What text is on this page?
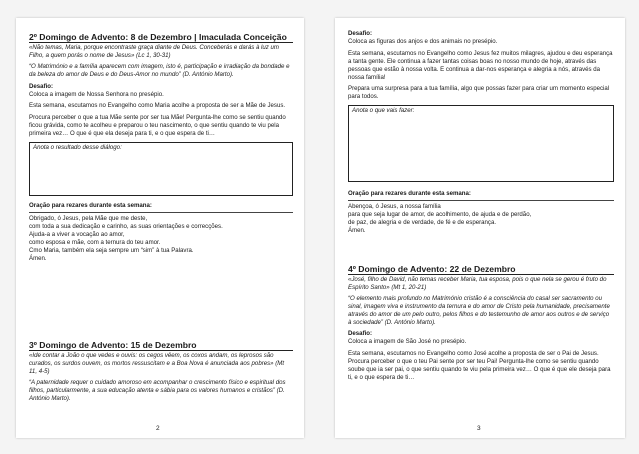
2º Domingo de Advento: 8 de Dezembro | Imaculada Conceição

«Não temas, Maria, porque encontraste graça diante de Deus. Conceberás e darás à luz um Filho, a quem porás o nome de Jesus» (Lc 1, 30-31)

“O Matrimónio e a família aparecem com imagem, isto é, participação e irradiação da bondade e da beleza do amor de Deus e do Deus-Amor no mundo” (D. António Marto).

Desafio:

Coloca a imagem de Nossa Senhora no presépio.

Esta semana, escutamos no Evangelho como Maria acolhe a proposta de ser a Mãe de Jesus.

Procura perceber o que a tua Mãe sente por ser tua Mãe! Pergunta-lhe como se sentiu quando ficou grávida, como te acolheu e preparou o teu nascimento, o que sentiu quando te viu pela primeira vez… O que é que ela deseja para ti, e o que espera de ti…

Anota o resultado desse diálogo:

Oração para rezares durante esta semana:

Obrigado, ó Jesus, pela Mãe que me deste,

com toda a sua dedicação e carinho, as suas orientações e correcções.

Ajuda-a a viver a vocação ao amor,

como esposa e mãe, com a ternura do teu amor.

Cmo Maria, também ela seja sempre um “sim” à tua Palavra.

Ámen.

3º Domingo de Advento: 15 de Dezembro

«Ide contar a João o que vedes e ouvis: os cegos vêem, os coxos andam, os leprosos são curados, os surdos ouvem, os mortos ressuscitam e a Boa Nova é anunciada aos pobres» (Mt 11, 4-5)

“A paternidade requer o cuidado amoroso em acompanhar o crescimento físico e espiritual dos filhos, particularmente, a sua educação atenta e sábia para os valores humanos e cristãos” (D. António Marto).

2

Desafio:

Coloca as figuras dos anjos e dos animais no presépio.

Esta semana, escutamos no Evangelho como Jesus fez muitos milagres, ajudou e deu esperança a tanta gente. Ele continua a fazer tantas coisas boas no nosso mundo de hoje, através das pessoas que estão à nossa volta. E continua a dar-nos esperança e alegria a nós, através da nossa família!

Prepara uma surpresa para a tua família, algo que possas fazer para criar um momento especial para todos.

Anota o que vais fazer:

Oração para rezares durante esta semana:

Abençoa, ó Jesus, a nossa família

para que seja lugar de amor, de acolhimento, de ajuda e de perdão,

de paz, de alegria e de verdade, de fé e de esperança.

Ámen.

4º Domingo de Advento: 22 de Dezembro

«José, filho de David, não temas receber Maria, tua esposa, pois o que nela se gerou é fruto do Espírito Santo» (Mt 1, 20-21)

“O elemento mais profundo no Matrimónio cristão é a consciência do casal ser sacramento ou sinal, imagem viva e instrumento da ternura e do amor de Cristo pela humanidade, precisamente através do amor de um pelo outro, pelos filhos e do testemunho de amor aos outros e de serviço à sociedade” (D. António Marto).

Desafio:

Coloca a imagem de São José no presépio.

Esta semana, escutamos no Evangelho como José acolhe a proposta de ser o Pai de Jesus. Procura perceber o que o teu Pai sente por ser teu Pai! Pergunta-lhe como se sentiu quando soube que ia ser pai, o que sentiu quando te viu pela primeira vez… O que é que ele deseja para ti, e o que espera de ti…

3
